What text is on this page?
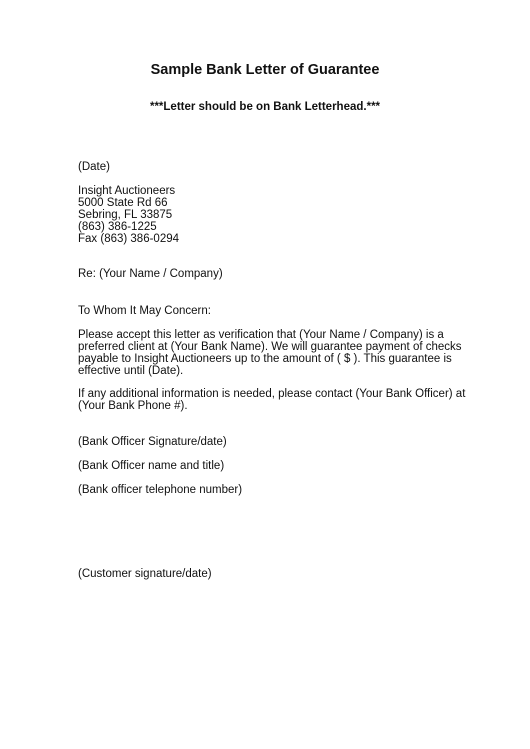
Sample Bank Letter of Guarantee
***Letter should be on Bank Letterhead.***
(Date)
Insight Auctioneers
5000 State Rd 66
Sebring, FL 33875
(863) 386-1225
Fax (863) 386-0294
Re: (Your Name / Company)
To Whom It May Concern:
Please accept this letter as verification that (Your Name / Company) is a
preferred client at (Your Bank Name). We will guarantee payment of checks
payable to Insight Auctioneers up to the amount of ( $ ). This guarantee is
effective until (Date).
If any additional information is needed, please contact (Your Bank Officer) at
(Your Bank Phone #).
(Bank Officer Signature/date)
(Bank Officer name and title)
(Bank officer telephone number)
(Customer signature/date)
